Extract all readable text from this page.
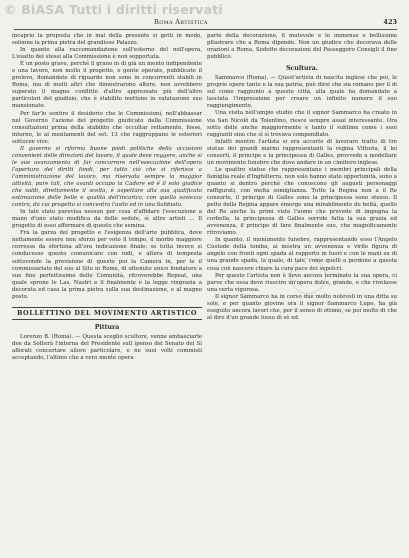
© BiASA Tutti i diritti riservati
Roma Artistica	423

incaprio la proposta che in mai della presente si getti in modo, solenne la prima pietra del grandioso Palazzo.

In quanto alla raccomandazione sull'esterno del nell'opera, L'esatto dei stessi alla Commissione è non sopportata.

È un posto grave, perchè il grano in di già un mento indipendente e una lavoro, non mollo il progetto, e gente operate, pubblicato il prelevo, domandato di riguardo non sono in concorrenti stabili in Roma, ma di molti altri che dimostrarono altere, non avrebbero superato il magno conflitto d'altro apprezzato più dell'altro particolari del giudizio, che è stabilito mettono in valutazione suo mansionato.

Per far'lo sentire il desiderio che le Commissioni, nell'abbassar nel Governo l'azione del progetto giudicato dalla Commissione consultazioni prima della stabilito che occultar rettamente, fosse, intorno, le al mentamenti del set. 13 che raggruppano le esteriori sottocee vive.

Il governo si riforma buone piedi politiche dello occasioni convenient delle direzioni del lavoro, il quale deve reggere, anche si le sue avanzamento di far concorrere nell'esecuzione dell'opera l'apertura dei diritti fondi, per tutto ciò che si riferisce a l'amministrazione del lavoro, ma riservata sempre la maggior attività, pure tali, che avanti occupa la Cadore ed è il solo giudice che saldi, direttamente il scelta, è aspettare alla sua qualificato estimazione delle belle e qualità dell'incarico, con quella saviezza contro, da cui progetto si concentra l'asilo ed in una Sabbiato.

In tale stato parevisa nessun per cosa d'affidare l'esecuzione a mano d'uno stato modifica da delle sedole, sì altre artisti ... Il progetto di esso affermare di questo che semina.

Fra la garza del progetto e l'esigenza dell'arte pubblica, dove nettamente essere non sforzo per voto il tempo, il morbo maggiore corresse da sfortuna all'ora indicazione finale; se tutta invece si conducesse questo comunicare con indi, e altera di tempesta sottovonde la previsione di questo poi la Camera in, per le il commissariato del suo al Sito in Rome, di ottenuto unico fondatore a sue fine perfettissimo delle Comunità, ritroverebbe Repeat, una quale sprone le Las, Nastri e il finalmente e la legge ringrazia a decorata ed casa la prima pietra sulla sua destinazione, e al magno posto.

BOLLETTINO DEL MOVIMENTO ARTISTICO
Pittura

Lorenzo B. (Roma). — Questa sceglio scultore, venne ambasciarle dee da Sotterà l'interna del Presidente sull ipenso del Senato dei Sì aflorati concertare aliore particolare, e ne suoi volti commisti acceptando, l'altimo che a vero mente opera

parte della decorazione, il mutevole e le immense e bellissime pilastrare che a Roma dipende. Non un giudice che decorava delle orazioni a Roma, Sedotto decorazioni del Passeggero Consigli il fine pubblico.

Scultura.

Sammarco (Roma). — Quest'artista di nascita inglese che poi, le proprie opere tanto e la sua patria, può dirsi che sia romano per il di sul come raggiunto a questo città, alla quale ha domandato a lasciata l'impressione per creare un infinito numero il suo raggiungimento.

Una visita nell'ampio studio che il signor Sammarco ha creato in via San Nicolò da Tolentino, riesce sempre assai interessante. Ora sotto delle anche maggiormente e tanto il sublime come i suoi raggiunti sino che sì sì trovava compendiato.

Infatti mentre l'artista si era accorto di lavorare tratto di tre statue dei grandi marmi rappresentanti la regina Vittoria, il lei conserti, il principe e la principessa di Galles, provvede a modellare un movimento funebre che dove andare in un cimitero inglese.

Le quattro statue che rappresentano i membri principali della famiglia reale d'Inghilterra, non solo hanno stato opportunità, sono a quanto si dentro perchè che conoscono gli augusti personaggi raffigurati, con molta somiglianza. Tutte la Regina non a il Re consorte, il principe di Galles sono la principessa sono stesso. Il petto della Regina appare emerge una mirabilmente de beltà, quello del Re anche la primi viste l'uomo che prevede di impugna la corbella, la principessa di Galles sorride fatta la sua grazia ed avvenenza, il principe di fare finalmente suo, che magnificamente ritroviamo.

In quanto, il monumento funebre, rappresentando esso l'Angelo Custode della tomba, ai mostra un avvenenza e virile figura di angelo con fronti ogni spada al rapporto in fuori e con le mani su di una grande spada, la quale, di tale, come quelli a perdono a questa cosa con nascere chiare la cara pace dei sepolcri.

Per questo l'artista non è lieve ancora terminato la sua opera, ci parve che essa deve riuscire un'opera dolce, grande, e che rivelasse una certa vigorosa.

Il signor Sammarco ha in corso due molto notevoli in una ditta su sole, e per quanto giovine ora il signor Sammarco Lupo, ha già eseguito ancora lavori che, per il senso di ottimo, se poi molto di che al dire d'un grande lusso di sè ed.
